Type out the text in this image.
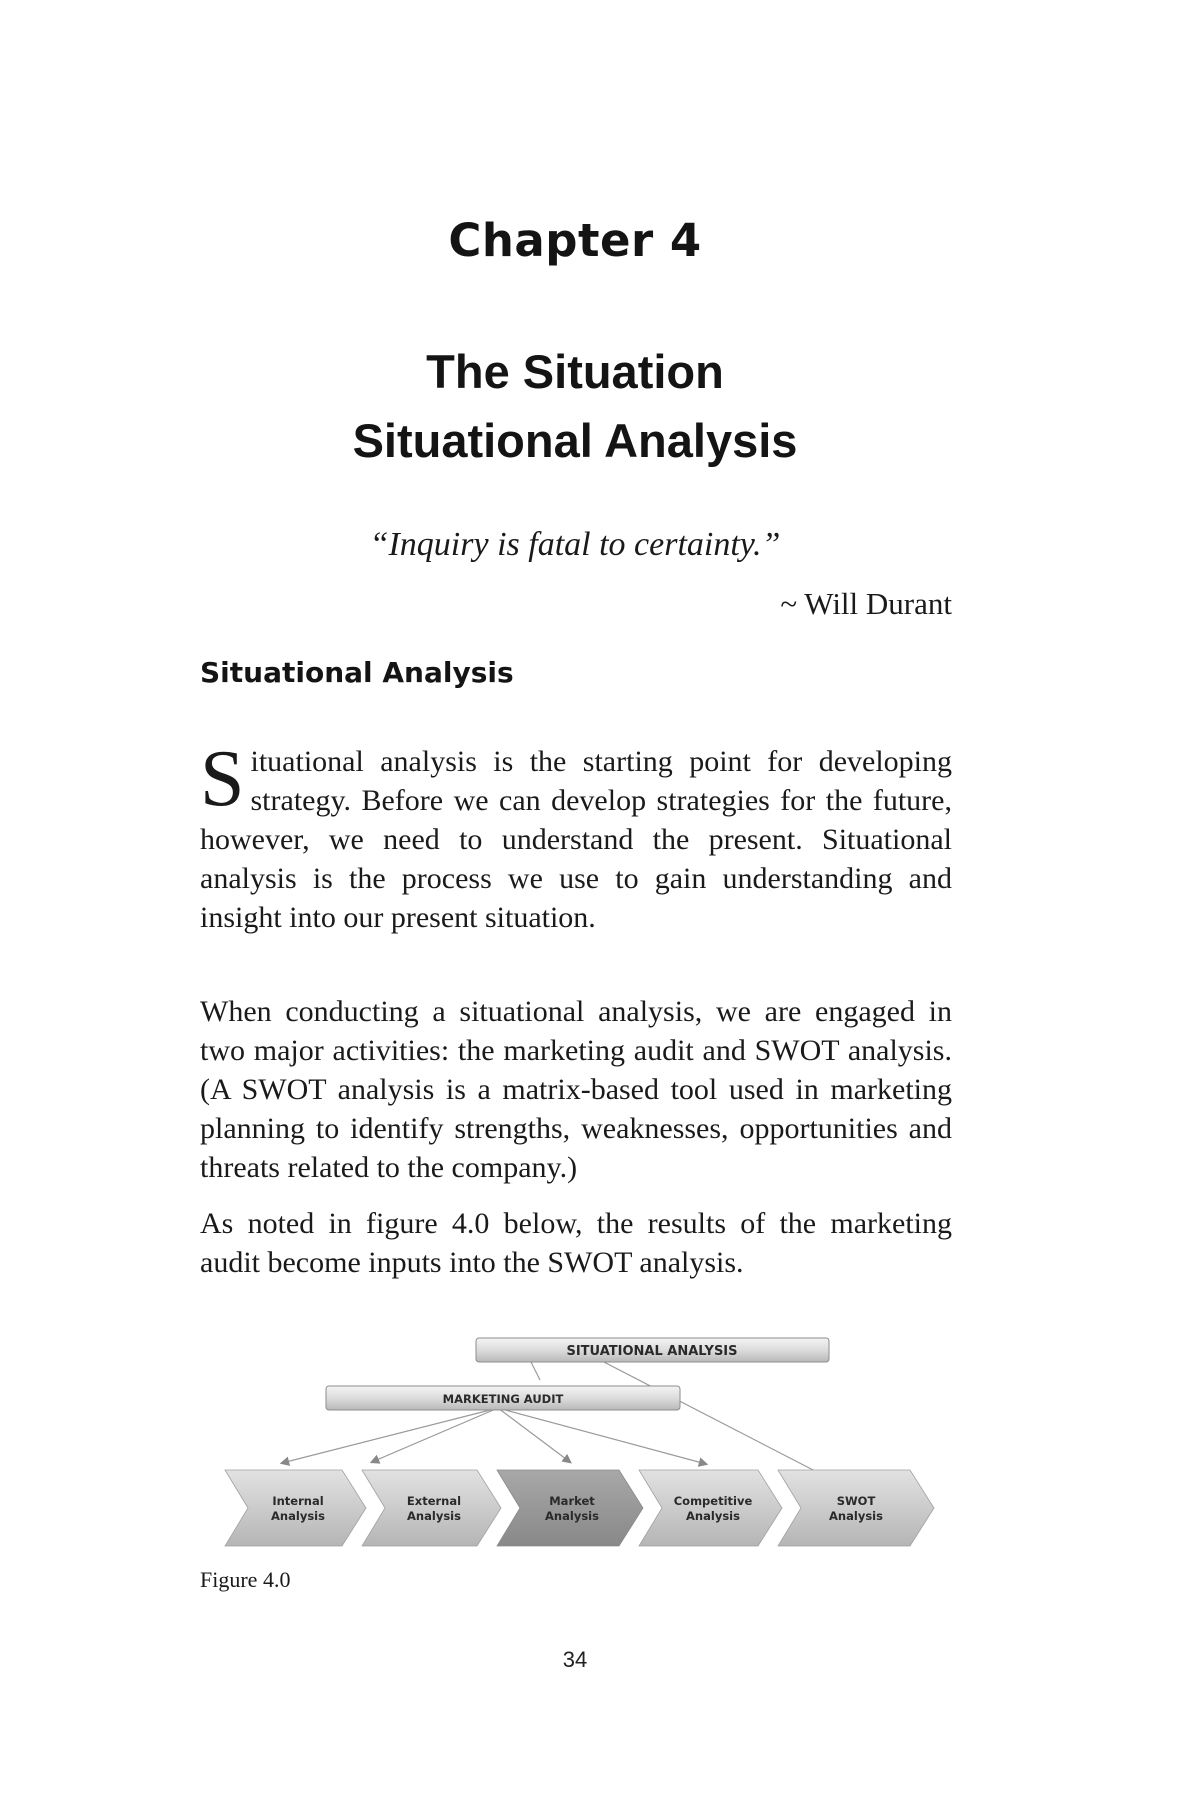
Chapter 4
The Situation
Situational Analysis
“Inquiry is fatal to certainty.”
~ Will Durant
Situational Analysis

Situational analysis is the starting point for developing strategy. Before we can develop strategies for the future, however, we need to understand the present. Situational analysis is the process we use to gain understanding and insight into our present situation.

When conducting a situational analysis, we are engaged in two major activities: the marketing audit and SWOT analysis. (A SWOT analysis is a matrix-based tool used in marketing planning to identify strengths, weaknesses, opportunities and threats related to the company.)

As noted in figure 4.0 below, the results of the marketing audit become inputs into the SWOT analysis.

SITUATIONAL ANALYSIS
MARKETING AUDIT
Internal
Analysis
External
Analysis
Market
Analysis
Competitive
Analysis
SWOT
Analysis
Figure 4.0
34
